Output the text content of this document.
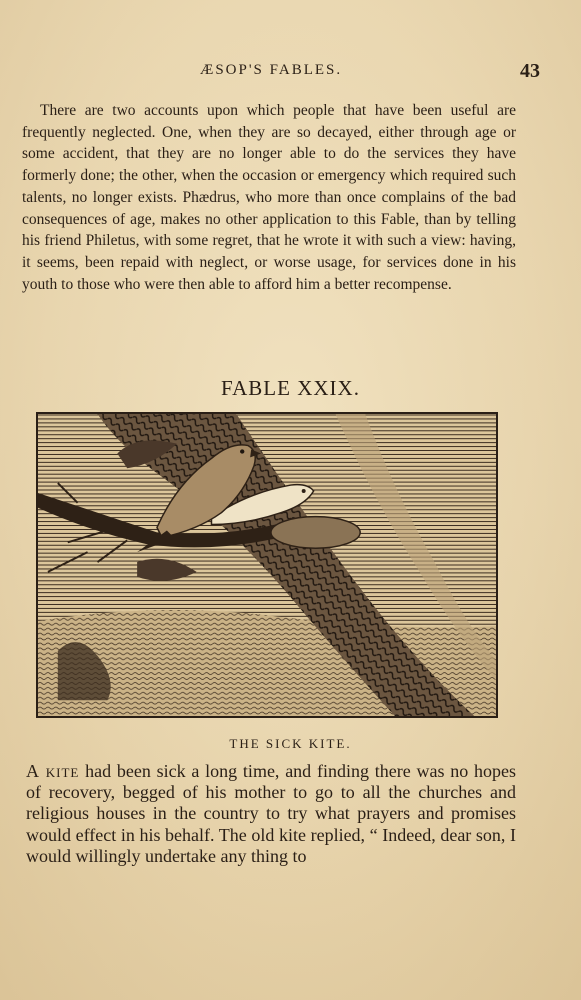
ÆSOP'S FABLES.	43

There are two accounts upon which people that have been useful are frequently neglected. One, when they are so decayed, either through age or some accident, that they are no longer able to do the services they have formerly done; the other, when the occasion or emergency which required such talents, no longer exists. Phædrus, who more than once complains of the bad consequences of age, makes no other application to this Fable, than by telling his friend Philetus, with some regret, that he wrote it with such a view: having, it seems, been repaid with neglect, or worse usage, for services done in his youth to those who were then able to afford him a better recompense.

FABLE XXIX.
THE SICK KITE.

A kite had been sick a long time, and finding there was no hopes of recovery, begged of his mother to go to all the churches and religious houses in the country to try what prayers and promises would effect in his behalf. The old kite replied, “ Indeed, dear son, I would willingly undertake any thing to
